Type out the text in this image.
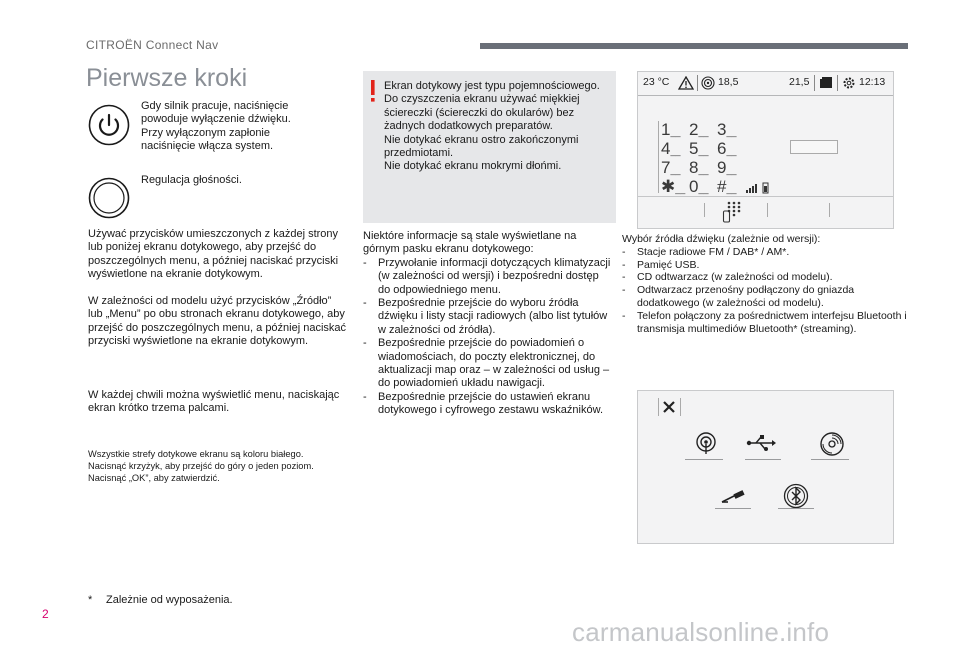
CITROËN Connect Nav
Pierwsze kroki
Gdy silnik pracuje, naciśnięcie powoduje wyłączenie dźwięku.
Przy wyłączonym zapłonie naciśnięcie włącza system.
Regulacja głośności.
Używać przycisków umieszczonych z każdej strony lub poniżej ekranu dotykowego, aby przejść do poszczególnych menu, a później naciskać przyciski wyświetlone na ekranie dotykowym.
W zależności od modelu użyć przycisków „Źródło” lub „Menu” po obu stronach ekranu dotykowego, aby przejść do poszczególnych menu, a później naciskać przyciski wyświetlone na ekranie dotykowym.
W każdej chwili można wyświetlić menu, naciskając ekran krótko trzema palcami.
Wszystkie strefy dotykowe ekranu są koloru białego.
Nacisnąć krzyżyk, aby przejść do góry o jeden poziom.
Nacisnąć „OK”, aby zatwierdzić.
* Zależnie od wyposażenia.
Ekran dotykowy jest typu pojemnościowego.
Do czyszczenia ekranu używać miękkiej ściereczki (ściereczki do okularów) bez żadnych dodatkowych preparatów.
Nie dotykać ekranu ostro zakończonymi przedmiotami.
Nie dotykać ekranu mokrymi dłońmi.
Niektóre informacje są stale wyświetlane na górnym pasku ekranu dotykowego:
- Przywołanie informacji dotyczących klimatyzacji (w zależności od wersji) i bezpośredni dostęp do odpowiedniego menu.
- Bezpośrednie przejście do wyboru źródła dźwięku i listy stacji radiowych (albo list tytułów w zależności od źródła).
- Bezpośrednie przejście do powiadomień o wiadomościach, do poczty elektronicznej, do aktualizacji map oraz – w zależności od usług – do powiadomień układu nawigacji.
- Bezpośrednie przejście do ustawień ekranu dotykowego i cyfrowego zestawu wskaźników.
23 °C	18,5	21,5	12:13
1__ 2__ 3__
4__ 5__ 6__
7__ 8__ 9__
✱__ 0__ #__
Wybór źródła dźwięku (zależnie od wersji):
- Stacje radiowe FM / DAB* / AM*.
- Pamięć USB.
- CD odtwarzacz (w zależności od modelu).
- Odtwarzacz przenośny podłączony do gniazda dodatkowego (w zależności od modelu).
- Telefon połączony za pośrednictwem interfejsu Bluetooth i transmisja multimediów Bluetooth* (streaming).
2
carmanualsonline.info
